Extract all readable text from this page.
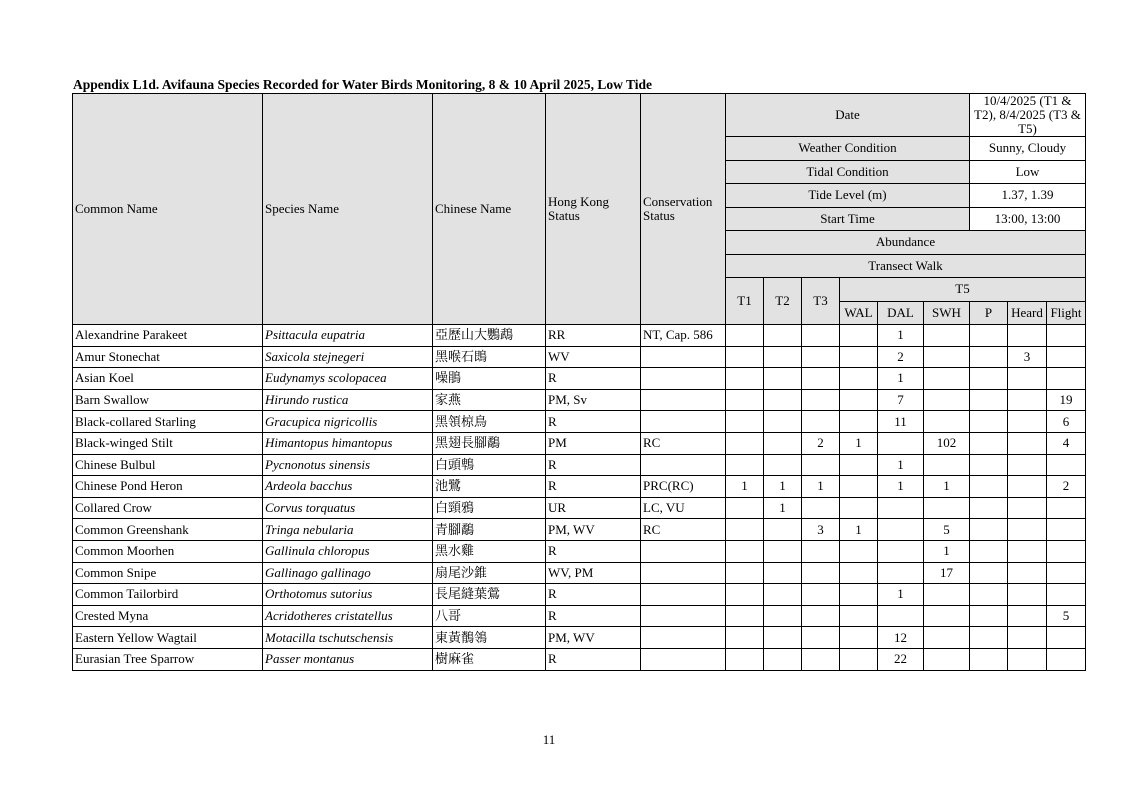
Appendix L1d. Avifauna Species Recorded for Water Birds Monitoring, 8 & 10 April 2025, Low Tide
Common Name	Species Name	Chinese Name	Hong Kong Status	Conservation Status	Date						10/4/2025 (T1 & T2), 8/4/2025 (T3 & T5)		
					Weather Condition						Sunny, Cloudy		
					Tidal Condition						Low		
					Tide Level (m)						1.37, 1.39		
					Start Time						13:00, 13:00		
					Abundance								
					Transect Walk								
					T1	T2	T3	T5					
								WAL	DAL	SWH	P	Heard	Flight
Alexandrine Parakeet	Psittacula eupatria	亞歷山大鸚鵡	RR	NT, Cap. 586					1				
Amur Stonechat	Saxicola stejnegeri	黑喉石鵖	WV						2			3	
Asian Koel	Eudynamys scolopacea	噪鵑	R						1				
Barn Swallow	Hirundo rustica	家燕	PM, Sv						7				19
Black-collared Starling	Gracupica nigricollis	黑領椋鳥	R						11				6
Black-winged Stilt	Himantopus himantopus	黑翅長腳鷸	PM	RC			2	1		102			4
Chinese Bulbul	Pycnonotus sinensis	白頭鵯	R						1				
Chinese Pond Heron	Ardeola bacchus	池鷺	R	PRC(RC)	1	1	1		1	1			2
Collared Crow	Corvus torquatus	白頸鴉	UR	LC, VU		1							
Common Greenshank	Tringa nebularia	青腳鷸	PM, WV	RC			3	1		5			
Common Moorhen	Gallinula chloropus	黑水雞	R							1			
Common Snipe	Gallinago gallinago	扇尾沙錐	WV, PM							17			
Common Tailorbird	Orthotomus sutorius	長尾縫葉鶯	R						1				
Crested Myna	Acridotheres cristatellus	八哥	R										5
Eastern Yellow Wagtail	Motacilla tschutschensis	東黃鶺鴒	PM, WV						12				
Eurasian Tree Sparrow	Passer montanus	樹麻雀	R						22				
11
